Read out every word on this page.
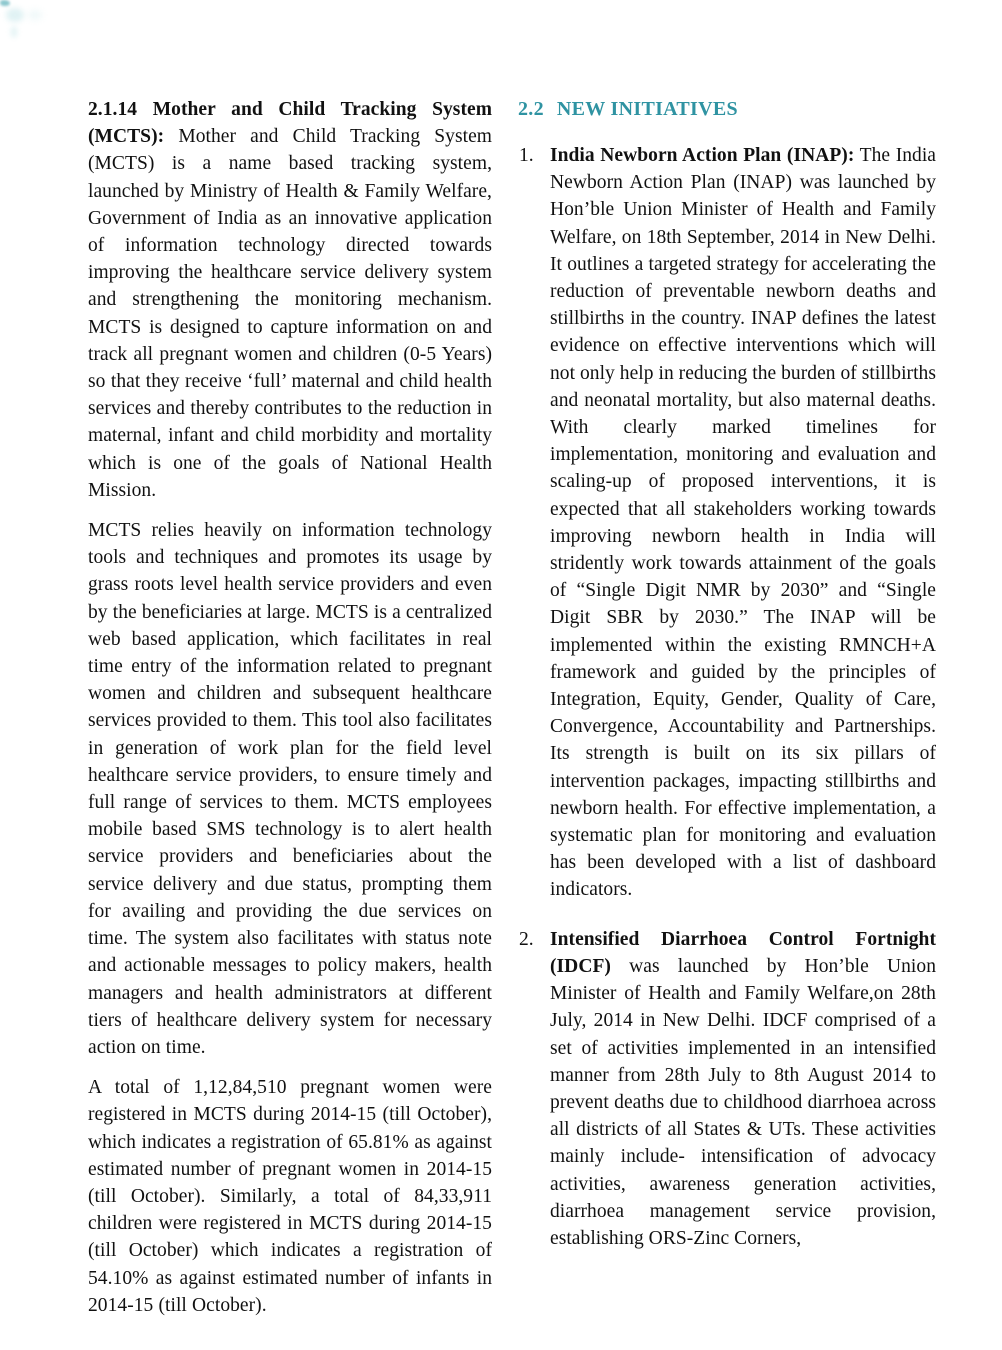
2.1.14 Mother and Child Tracking System (MCTS): Mother and Child Tracking System (MCTS) is a name based tracking system, launched by Ministry of Health & Family Welfare, Government of India as an innovative application of information technology directed towards improving the healthcare service delivery system and strengthening the monitoring mechanism. MCTS is designed to capture information on and track all pregnant women and children (0-5 Years) so that they receive ‘full’ maternal and child health services and thereby contributes to the reduction in maternal, infant and child morbidity and mortality which is one of the goals of National Health Mission.

MCTS relies heavily on information technology tools and techniques and promotes its usage by grass roots level health service providers and even by the beneficiaries at large. MCTS is a centralized web based application, which facilitates in real time entry of the information related to pregnant women and children and subsequent healthcare services provided to them. This tool also facilitates in generation of work plan for the field level healthcare service providers, to ensure timely and full range of services to them. MCTS employees mobile based SMS technology is to alert health service providers and beneficiaries about the service delivery and due status, prompting them for availing and providing the due services on time. The system also facilitates with status note and actionable messages to policy makers, health managers and health administrators at different tiers of healthcare delivery system for necessary action on time.

A total of 1,12,84,510 pregnant women were registered in MCTS during 2014-15 (till October), which indicates a registration of 65.81% as against estimated number of pregnant women in 2014-15 (till October). Similarly, a total of 84,33,911 children were registered in MCTS during 2014-15 (till October) which indicates a registration of 54.10% as against estimated number of infants in 2014-15 (till October).

2.2 NEW INITIATIVES
1. India Newborn Action Plan (INAP): The India Newborn Action Plan (INAP) was launched by Hon’ble Union Minister of Health and Family Welfare, on 18th September, 2014 in New Delhi. It outlines a targeted strategy for accelerating the reduction of preventable newborn deaths and stillbirths in the country. INAP defines the latest evidence on effective interventions which will not only help in reducing the burden of stillbirths and neonatal mortality, but also maternal deaths. With clearly marked timelines for implementation, monitoring and evaluation and scaling-up of proposed interventions, it is expected that all stakeholders working towards improving newborn health in India will stridently work towards attainment of the goals of “Single Digit NMR by 2030” and “Single Digit SBR by 2030.” The INAP will be implemented within the existing RMNCH+A framework and guided by the principles of Integration, Equity, Gender, Quality of Care, Convergence, Accountability and Partnerships. Its strength is built on its six pillars of intervention packages, impacting stillbirths and newborn health. For effective implementation, a systematic plan for monitoring and evaluation has been developed with a list of dashboard indicators.

2. Intensified Diarrhoea Control Fortnight (IDCF) was launched by Hon’ble Union Minister of Health and Family Welfare,on 28th July, 2014 in New Delhi. IDCF comprised of a set of activities implemented in an intensified manner from 28th July to 8th August 2014 to prevent deaths due to childhood diarrhoea across all districts of all States & UTs. These activities mainly include- intensification of advocacy activities, awareness generation activities, diarrhoea management service provision, establishing ORS-Zinc Corners,
